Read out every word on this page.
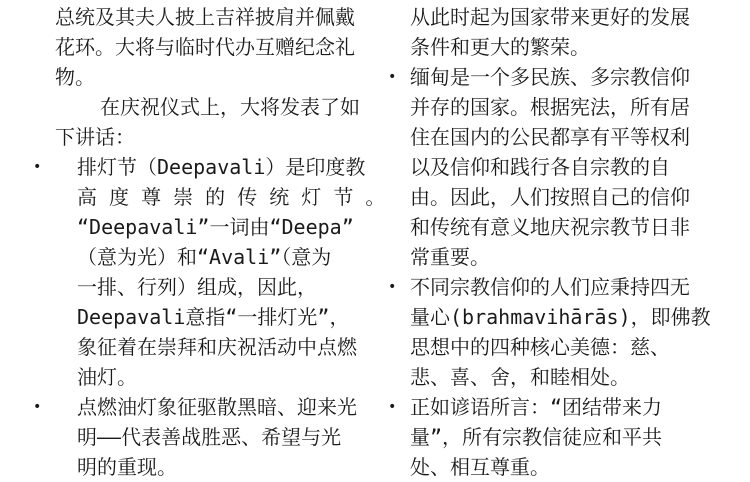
总统及其夫人披上吉祥披肩并佩戴
花环。大将与临时代办互赠纪念礼
物。
在庆祝仪式上，大将发表了如
下讲话：
•	排灯节（Deepavali）是印度教
高 度 尊 崇 的 传 统 灯 节 。
“Deepavali”一词由“Deepa”
（意为光）和“Avali”（意为
一排、行列）组成，因此，
Deepavali意指“一排灯光”，
象征着在崇拜和庆祝活动中点燃
油灯。
•	点燃油灯象征驱散黑暗、迎来光
明——代表善战胜恶、希望与光
明的重现。
从此时起为国家带来更好的发展
条件和更大的繁荣。
• 缅甸是一个多民族、多宗教信仰
并存的国家。根据宪法，所有居
住在国内的公民都享有平等权利
以及信仰和践行各自宗教的自
由。因此，人们按照自己的信仰
和传统有意义地庆祝宗教节日非
常重要。
• 不同宗教信仰的人们应秉持四无
量心(brahmavihārās)，即佛教
思想中的四种核心美德：慈、
悲、喜、舍，和睦相处。
• 正如谚语所言：“团结带来力
量”，所有宗教信徒应和平共
处、相互尊重。
